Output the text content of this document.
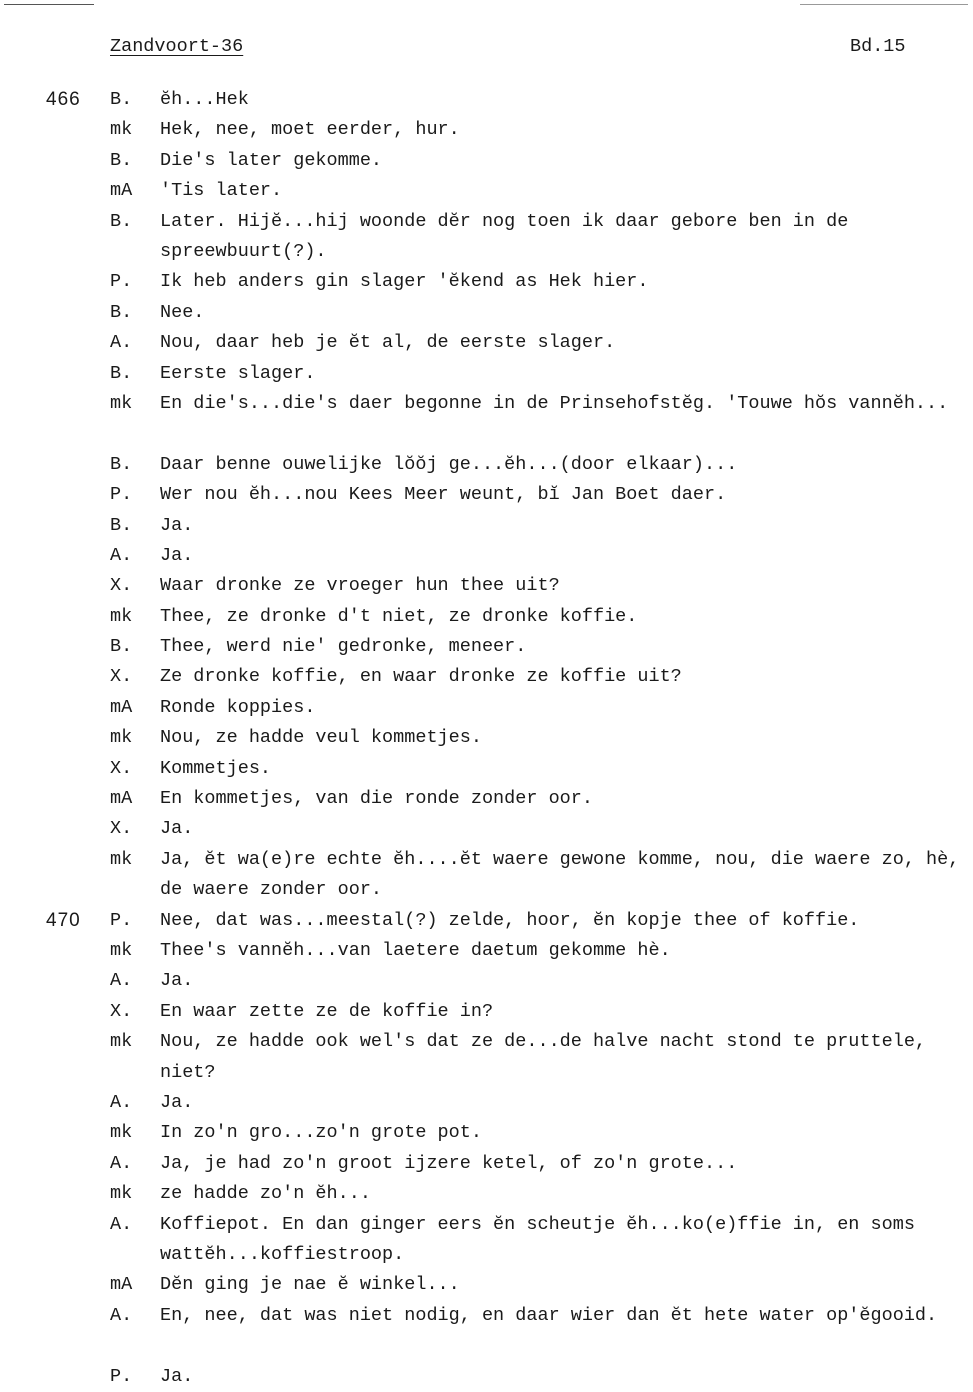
Zandvoort-36	Bd.15
466 B. ĕh...Hek
mk Hek, nee, moet eerder, hur.
B. Die's later gekomme.
mA 'Tis later.
B. Later. Hijĕ...hij woonde dĕr nog toen ik daar gebore ben in de spreewbuurt(?).
P. Ik heb anders gin slager 'ĕkend as Hek hier.
B. Nee.
A. Nou, daar heb je ĕt al, de eerste slager.
B. Eerste slager.
mk En die's...die's daer begonne in de Prinsehofstĕg. 'Touwe hŏs vannĕh...
B. Daar benne ouwelijke lŏŏj ge...ĕh...(door elkaar)...
P. Wer nou ĕh...nou Kees Meer weunt, bĭ Jan Boet daer.
B. Ja.
A. Ja.
X. Waar dronke ze vroeger hun thee uit?
mk Thee, ze dronke d't niet, ze dronke koffie.
B. Thee, werd nie' gedronke, meneer.
X. Ze dronke koffie, en waar dronke ze koffie uit?
mA Ronde koppies.
mk Nou, ze hadde veul kommetjes.
X. Kommetjes.
mA En kommetjes, van die ronde zonder oor.
X. Ja.
mk Ja, ĕt wa(e)re echte ĕh....ĕt waere gewone komme, nou, die waere zo, hè, de waere zonder oor.
470 P. Nee, dat was...meestal(?) zelde, hoor, ĕn kopje thee of koffie.
mk Thee's vannĕh...van laetere daetum gekomme hè.
A. Ja.
X. En waar zette ze de koffie in?
mk Nou, ze hadde ook wel's dat ze de...de halve nacht stond te pruttele, niet?
A. Ja.
mk In zo'n gro...zo'n grote pot.
A. Ja, je had zo'n groot ijzere ketel, of zo'n grote...
mk ze hadde zo'n ĕh...
A. Koffiepot. En dan ginger eers ĕn scheutje ĕh...ko(e)ffie in, en soms wattĕh...koffiestroop.
mA Dĕn ging je nae ĕ winkel...
A. En, nee, dat was niet nodig, en daar wier dan ĕt hete water op'ĕgooid.
P. Ja.
